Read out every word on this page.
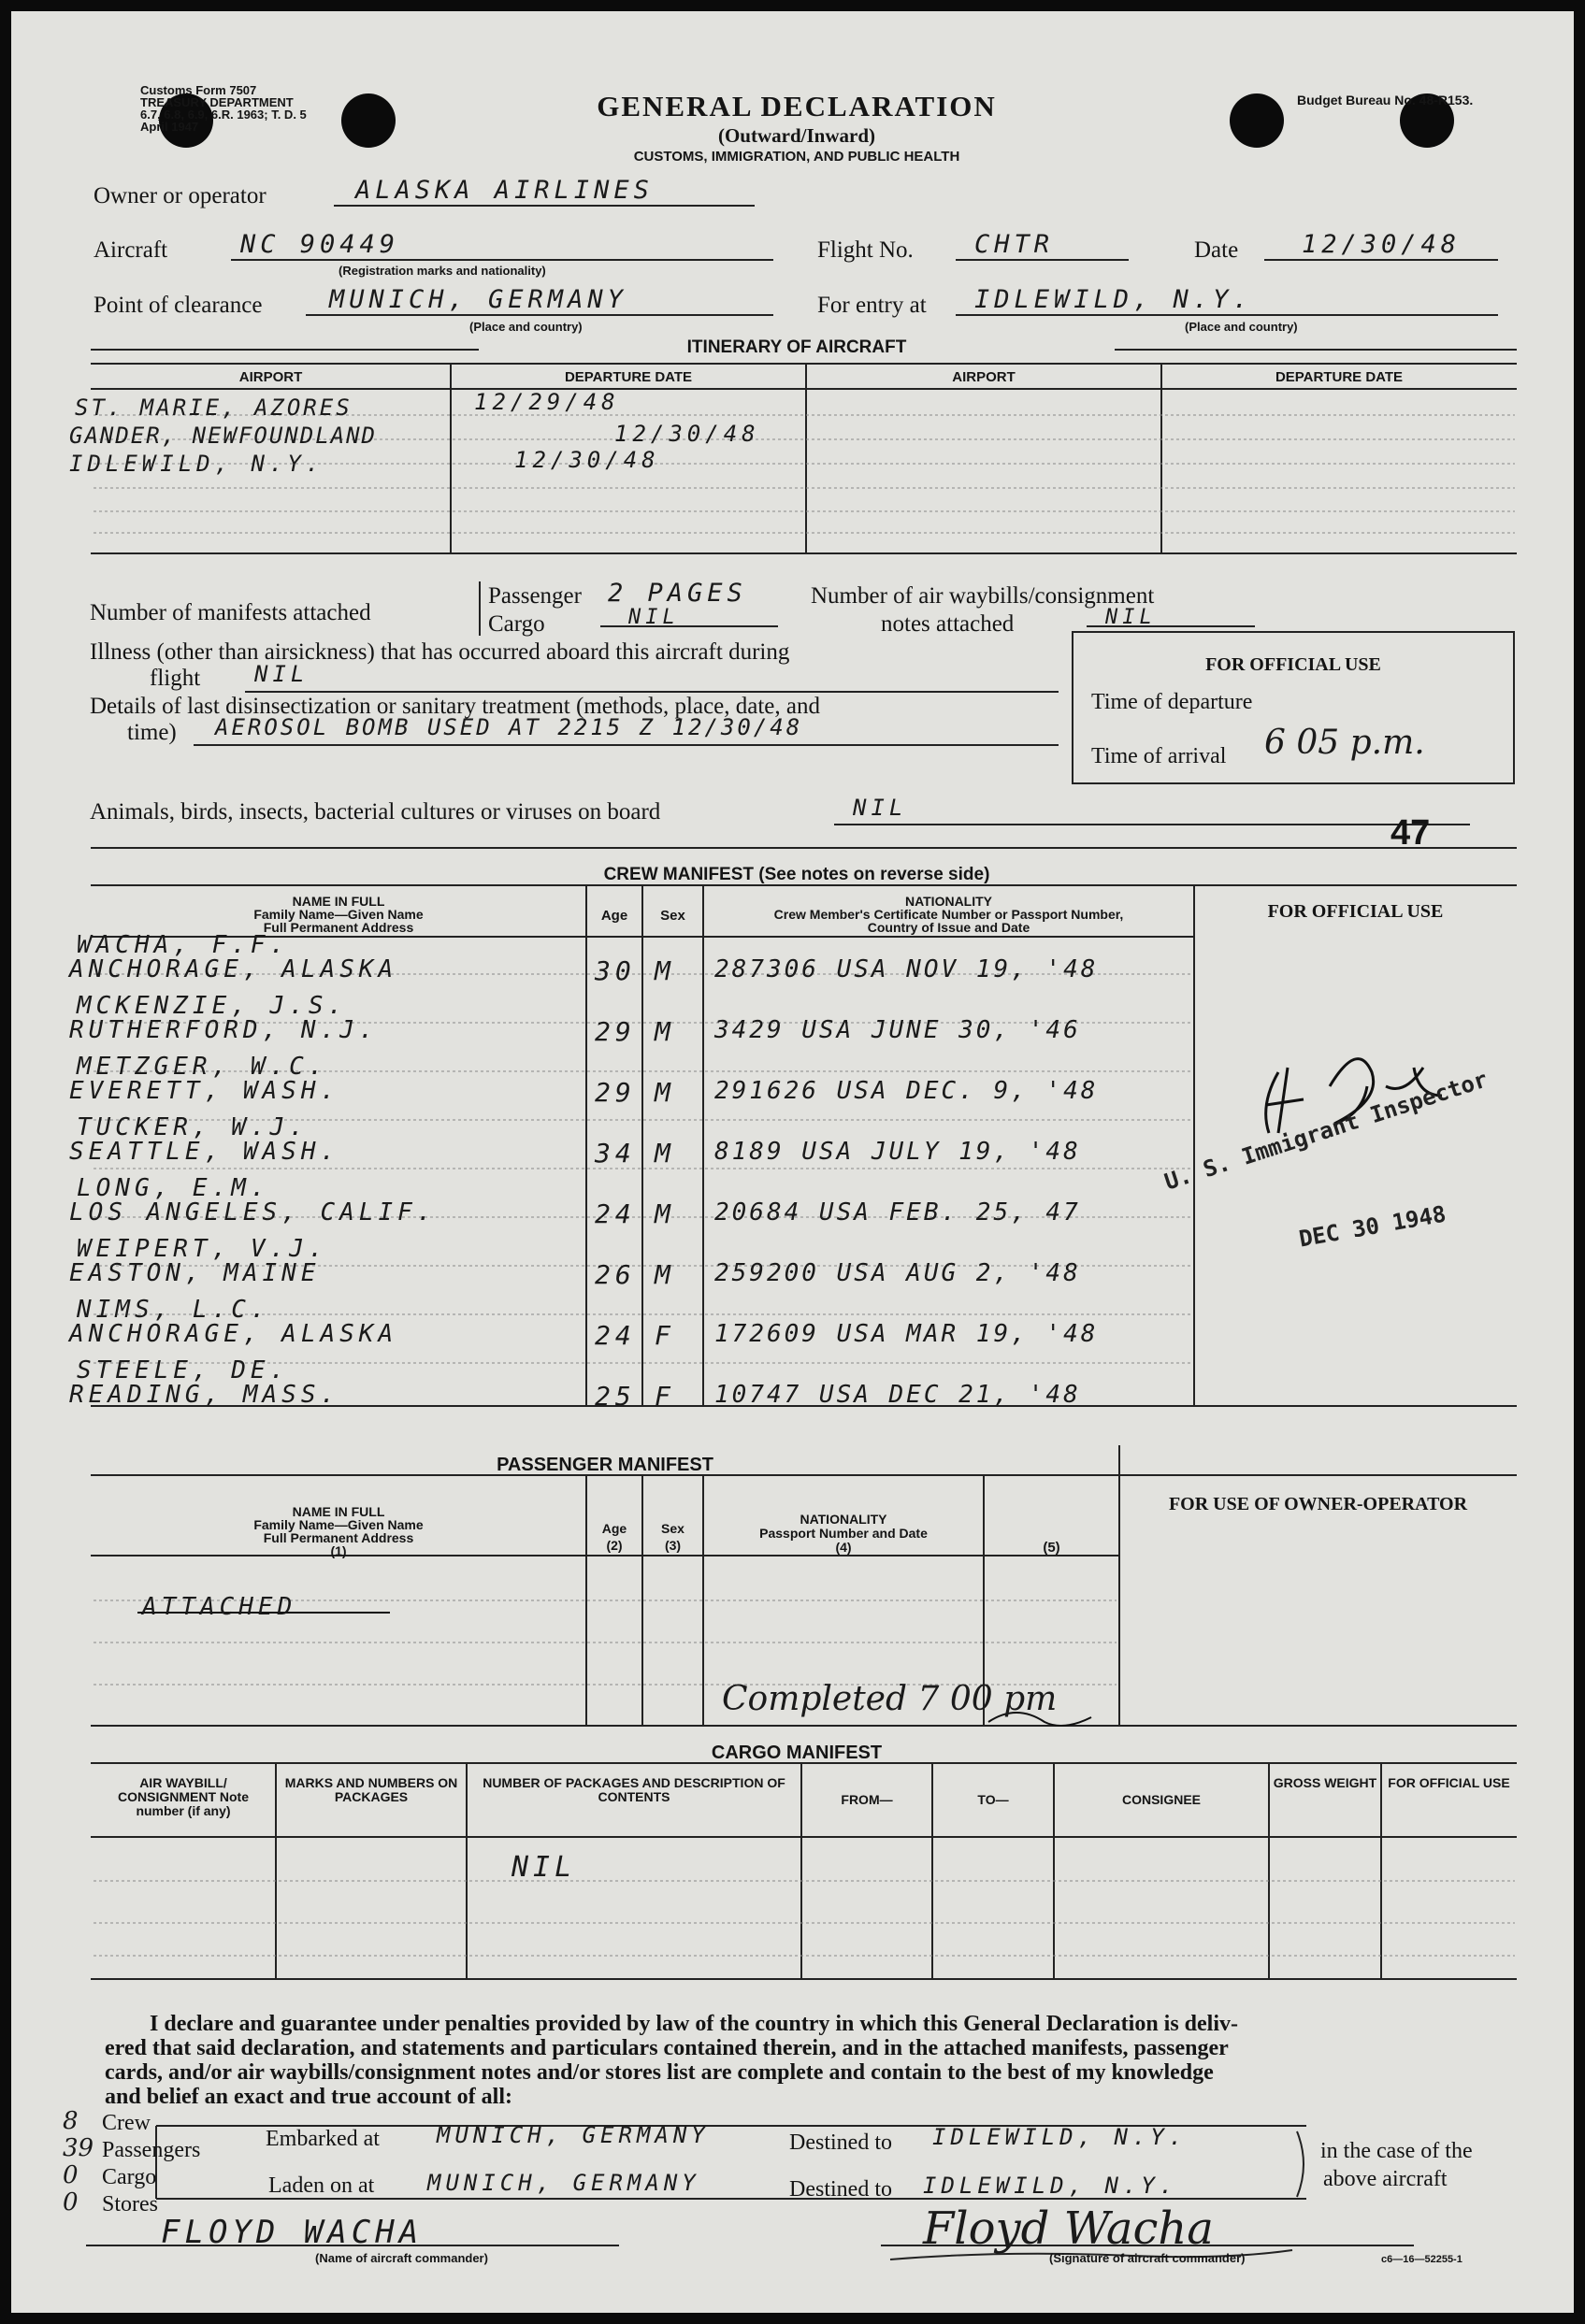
Customs Form 7507
TREASURY DEPARTMENT
6.7, 6.8, 6.9, 6.R. 1963; T. D. 5
April 1947
GENERAL DECLARATION
(Outward/Inward)
CUSTOMS, IMMIGRATION, AND PUBLIC HEALTH
Budget Bureau No. 48-R153.
Owner or operator	ALASKA AIRLINES
Aircraft	NC 90449
(Registration marks and nationality)
Flight No. CHTR	Date	12/30/48
Point of clearance	MUNICH, GERMANY
(Place and country)
For entry at IDLEWILD, N.Y.
(Place and country)
ITINERARY OF AIRCRAFT
AIRPORT	DEPARTURE DATE	AIRPORT	DEPARTURE DATE
ST. MARIE, AZORES	12/29/48
GANDER, NEWFOUNDLAND	12/30/48
IDLEWILD, N.Y.	12/30/48
Number of manifests attached
Passenger 2 PAGES
Cargo	NIL
Number of air waybills/consignment
notes attached	NIL
Illness (other than airsickness) that has occurred aboard this aircraft during
flight NIL
Details of last disinsectization or sanitary treatment (methods, place, date, and
time) AEROSOL BOMB USED AT 2215 Z 12/30/48
FOR OFFICIAL USE
Time of departure
Time of arrival 6 05 p.m.
Animals, birds, insects, bacterial cultures or viruses on board	NIL
47
CREW MANIFEST (See notes on reverse side)
NAME IN FULL
Family Name—Given Name
Full Permanent Address
Age	Sex
NATIONALITY
Crew Member's Certificate Number or Passport Number,
Country of Issue and Date
FOR OFFICIAL USE
WACHA, F.F.
ANCHORAGE, ALASKA	30 M 287306 USA NOV 19, '48
MCKENZIE, J.S.
RUTHERFORD, N.J.	29 M 3429 USA JUNE 30, '46
METZGER, W.C.
EVERETT, WASH.	29 M 291626 USA DEC. 9, '48
TUCKER, W.J.
SEATTLE, WASH.	34 M 8189 USA JULY 19, '48
LONG, E.M.
LOS ANGELES, CALIF.	24 M 20684 USA FEB. 25, 47
WEIPERT, V.J.
EASTON, MAINE	26 M 259200 USA AUG 2, '48
NIMS, L.C.
ANCHORAGE, ALASKA	24 F 172609 USA MAR 19, '48
STEELE, DE.
READING, MASS.	25 F 10747 USA DEC 21, '48
U. S. Immigrant Inspector
DEC 30 1948
PASSENGER MANIFEST
NAME IN FULL
Family Name—Given Name
Full Permanent Address
(1)
Age
(2)
Sex
(3)
NATIONALITY
Passport Number and Date
(4)	(5)
FOR USE OF OWNER-OPERATOR
ATTACHED
Completed 7 00 pm
CARGO MANIFEST
AIR WAYBILL/ CONSIGNMENT Note number (if any)
MARKS AND NUMBERS ON PACKAGES
NUMBER OF PACKAGES AND DESCRIPTION OF CONTENTS	FROM—	TO—	CONSIGNEE
GROSS WEIGHT FOR OFFICIAL USE
NIL
I declare and guarantee under penalties provided by law of the country in which this General Declaration is deliv-
ered that said declaration, and statements and particulars contained therein, and in the attached manifests, passenger
cards, and/or air waybills/consignment notes and/or stores list are complete and contain to the best of my knowledge
and belief an exact and true account of all:
8 Crew
39 Passengers
0 Cargo
0 Stores
Embarked at	MUNICH, GERMANY	Destined to IDLEWILD, N.Y.
Laden on at MUNICH, GERMANY	Destined to IDLEWILD, N.Y.
in the case of the
above aircraft
FLOYD WACHA
(Name of aircraft commander)
Floyd Wacha
(Signature of aircraft commander)	c6—16—52255-1
